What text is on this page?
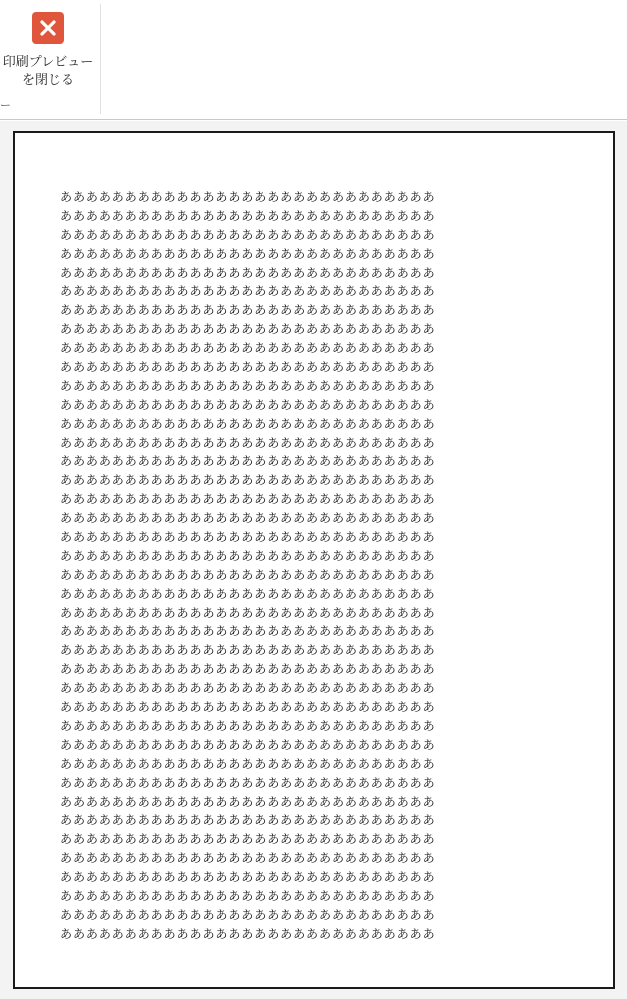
印刷プレビュー
を閉じる
ー
あああああああああああああああああああああああああああああ
あああああああああああああああああああああああああああああ
あああああああああああああああああああああああああああああ
あああああああああああああああああああああああああああああ
あああああああああああああああああああああああああああああ
あああああああああああああああああああああああああああああ
あああああああああああああああああああああああああああああ
あああああああああああああああああああああああああああああ
あああああああああああああああああああああああああああああ
あああああああああああああああああああああああああああああ
あああああああああああああああああああああああああああああ
あああああああああああああああああああああああああああああ
あああああああああああああああああああああああああああああ
あああああああああああああああああああああああああああああ
あああああああああああああああああああああああああああああ
あああああああああああああああああああああああああああああ
あああああああああああああああああああああああああああああ
あああああああああああああああああああああああああああああ
あああああああああああああああああああああああああああああ
あああああああああああああああああああああああああああああ
あああああああああああああああああああああああああああああ
あああああああああああああああああああああああああああああ
あああああああああああああああああああああああああああああ
あああああああああああああああああああああああああああああ
あああああああああああああああああああああああああああああ
あああああああああああああああああああああああああああああ
あああああああああああああああああああああああああああああ
あああああああああああああああああああああああああああああ
あああああああああああああああああああああああああああああ
あああああああああああああああああああああああああああああ
あああああああああああああああああああああああああああああ
あああああああああああああああああああああああああああああ
あああああああああああああああああああああああああああああ
あああああああああああああああああああああああああああああ
あああああああああああああああああああああああああああああ
あああああああああああああああああああああああああああああ
あああああああああああああああああああああああああああああ
あああああああああああああああああああああああああああああ
あああああああああああああああああああああああああああああ
あああああああああああああああああああああああああああああ
